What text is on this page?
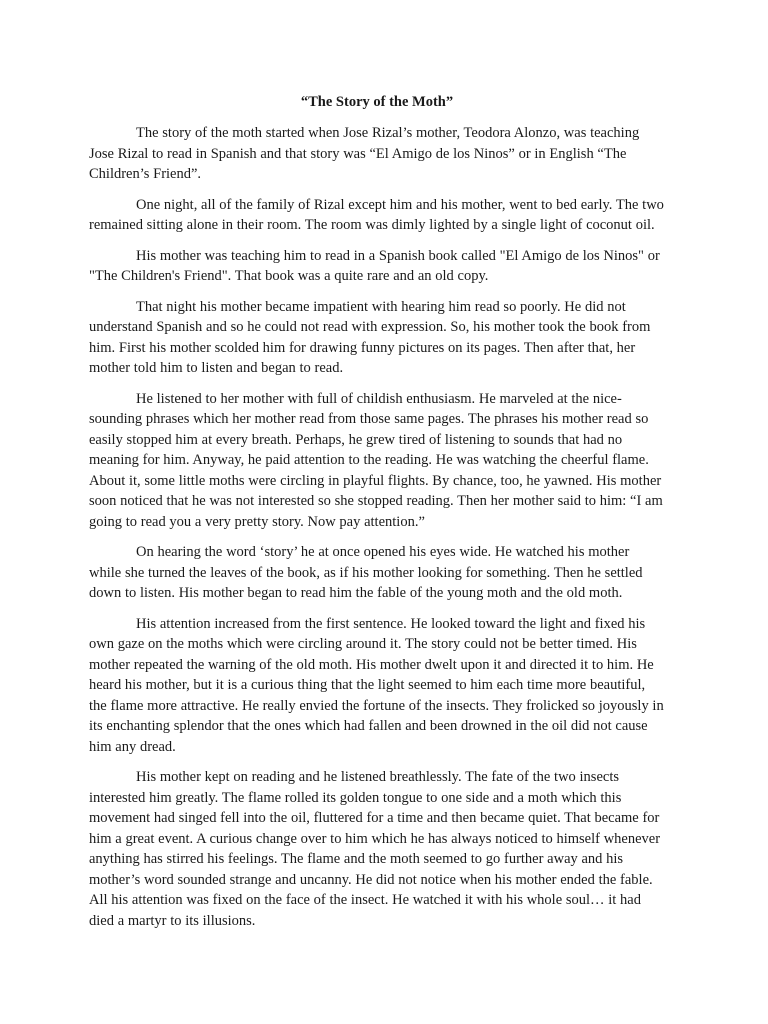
“The Story of the Moth”

The story of the moth started when Jose Rizal’s mother, Teodora Alonzo, was teaching Jose Rizal to read in Spanish and that story was “El Amigo de los Ninos” or in English “The Children’s Friend”.

One night, all of the family of Rizal except him and his mother, went to bed early. The two remained sitting alone in their room. The room was dimly lighted by a single light of coconut oil.

His mother was teaching him to read in a Spanish book called "El Amigo de los Ninos" or "The Children's Friend". That book was a quite rare and an old copy.

That night his mother became impatient with hearing him read so poorly. He did not understand Spanish and so he could not read with expression. So, his mother took the book from him. First his mother scolded him for drawing funny pictures on its pages. Then after that, her mother told him to listen and began to read.

He listened to her mother with full of childish enthusiasm. He marveled at the nice-sounding phrases which her mother read from those same pages. The phrases his mother read so easily stopped him at every breath. Perhaps, he grew tired of listening to sounds that had no meaning for him. Anyway, he paid attention to the reading. He was watching the cheerful flame. About it, some little moths were circling in playful flights. By chance, too, he yawned. His mother soon noticed that he was not interested so she stopped reading. Then her mother said to him: “I am going to read you a very pretty story. Now pay attention.”

On hearing the word ‘story’ he at once opened his eyes wide. He watched his mother while she turned the leaves of the book, as if his mother looking for something. Then he settled down to listen. His mother began to read him the fable of the young moth and the old moth.

His attention increased from the first sentence. He looked toward the light and fixed his own gaze on the moths which were circling around it. The story could not be better timed. His mother repeated the warning of the old moth. His mother dwelt upon it and directed it to him. He heard his mother, but it is a curious thing that the light seemed to him each time more beautiful, the flame more attractive. He really envied the fortune of the insects. They frolicked so joyously in its enchanting splendor that the ones which had fallen and been drowned in the oil did not cause him any dread.

His mother kept on reading and he listened breathlessly. The fate of the two insects interested him greatly. The flame rolled its golden tongue to one side and a moth which this movement had singed fell into the oil, fluttered for a time and then became quiet. That became for him a great event. A curious change over to him which he has always noticed to himself whenever anything has stirred his feelings. The flame and the moth seemed to go further away and his mother’s word sounded strange and uncanny. He did not notice when his mother ended the fable. All his attention was fixed on the face of the insect. He watched it with his whole soul… it had died a martyr to its illusions.
